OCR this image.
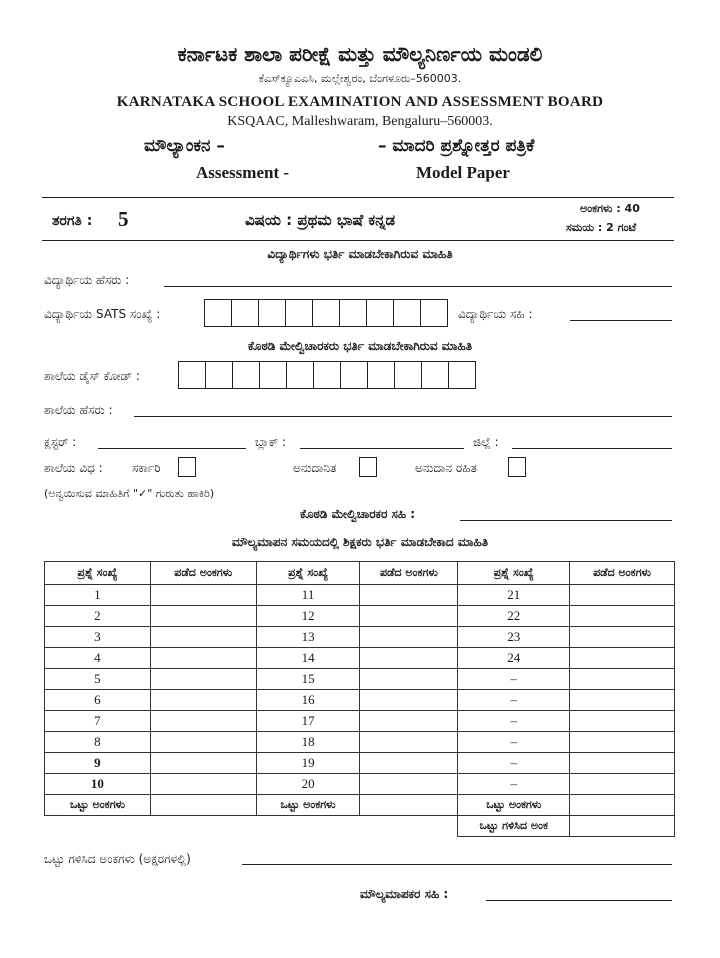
ಕರ್ನಾಟಕ ಶಾಲಾ ಪರೀಕ್ಷೆ ಮತ್ತು ಮೌಲ್ಯನಿರ್ಣಯ ಮಂಡಲಿ
ಕೆಎಸ್‌ಕ್ಯೂಎಎಸಿ, ಮಲ್ಲೇಶ್ವರಂ, ಬೆಂಗಳೂರು–560003.
KARNATAKA SCHOOL EXAMINATION AND ASSESSMENT BOARD
KSQAAC, Malleshwaram, Bengaluru–560003.
ಮೌಲ್ಯಾಂಕನ –	– ಮಾದರಿ ಪ್ರಶ್ನೋತ್ತರ ಪತ್ರಿಕೆ
Assessment -	Model Paper
ತರಗತಿ : 5	ವಿಷಯ : ಪ್ರಥಮ ಭಾಷೆ ಕನ್ನಡ
ಅಂಕಗಳು : 40
ಸಮಯ : 2 ಗಂಟೆ
ವಿದ್ಯಾರ್ಥಿಗಳು ಭರ್ತಿ ಮಾಡಬೇಕಾಗಿರುವ ಮಾಹಿತಿ
ವಿದ್ಯಾರ್ಥಿಯ ಹೆಸರು :
ವಿದ್ಯಾರ್ಥಿಯ SATS ಸಂಖ್ಯೆ :	ವಿದ್ಯಾರ್ಥಿಯ ಸಹಿ :
ಕೊಠಡಿ ಮೇಲ್ವಿಚಾರಕರು ಭರ್ತಿ ಮಾಡಬೇಕಾಗಿರುವ ಮಾಹಿತಿ
ಶಾಲೆಯ ಡೈಸ್ ಕೋಡ್ :
ಶಾಲೆಯ ಹೆಸರು :
ಕ್ಲಸ್ಟರ್ :	ಬ್ಲಾಕ್ :	ಜಿಲ್ಲೆ :
ಶಾಲೆಯ ವಿಧ : ಸರ್ಕಾರಿ	ಅನುದಾನಿತ	ಅನುದಾನ ರಹಿತ
(ಅನ್ವಯಿಸುವ ಮಾಹಿತಿಗೆ "✓" ಗುರುತು ಹಾಕಿರಿ)
ಕೊಠಡಿ ಮೇಲ್ವಿಚಾರಕರ ಸಹಿ :
ಮೌಲ್ಯಮಾಪನ ಸಮಯದಲ್ಲಿ ಶಿಕ್ಷಕರು ಭರ್ತಿ ಮಾಡಬೇಕಾದ ಮಾಹಿತಿ
ಪ್ರಶ್ನೆ ಸಂಖ್ಯೆ	ಪಡೆದ ಅಂಕಗಳು	ಪ್ರಶ್ನೆ ಸಂಖ್ಯೆ	ಪಡೆದ ಅಂಕಗಳು	ಪ್ರಶ್ನೆ ಸಂಖ್ಯೆ	ಪಡೆದ ಅಂಕಗಳು
1		11		21	
2		12		22	
3		13		23	
4		14		24	
5		15		–	
6		16		–	
7		17		–	
8		18		–	
9		19		–	
10		20		–	
ಒಟ್ಟು ಅಂಕಗಳು		ಒಟ್ಟು ಅಂಕಗಳು		ಒಟ್ಟು ಅಂಕಗಳು	
				ಒಟ್ಟು ಗಳಿಸಿದ ಅಂಕ	
ಒಟ್ಟು ಗಳಿಸಿದ ಅಂಕಗಳು (ಅಕ್ಷರಗಳಲ್ಲಿ)
ಮೌಲ್ಯಮಾಪಕರ ಸಹಿ :
